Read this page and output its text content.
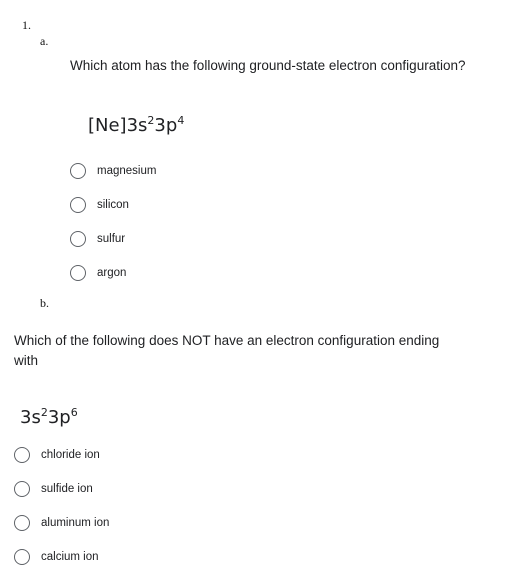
1.
a.
Which atom has the following ground-state electron configuration?
$[Ne]3s^23p^4$
magnesium
silicon
sulfur
argon
b.
Which of the following does NOT have an electron configuration ending with
$3s^23p^6$
chloride ion
sulfide ion
aluminum ion
calcium ion
